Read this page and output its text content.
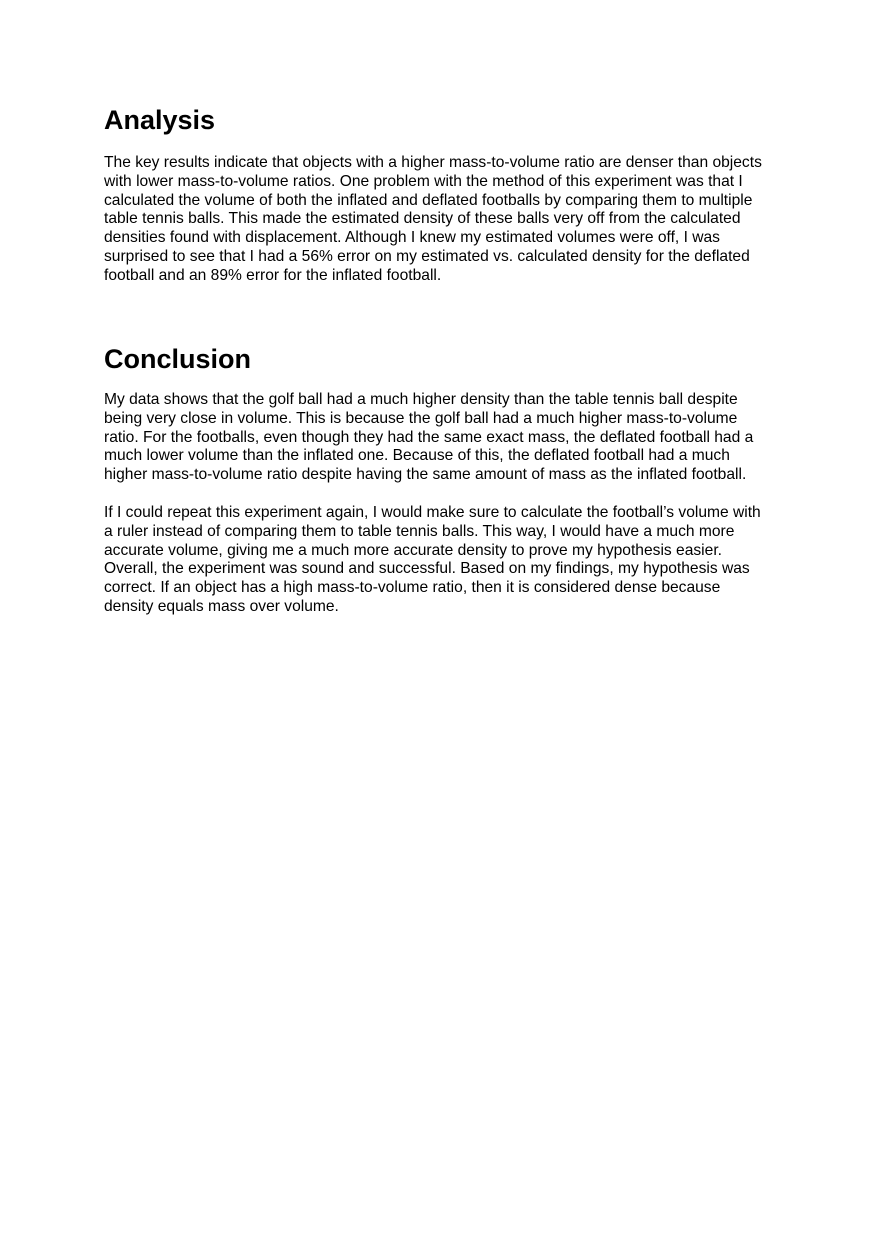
Analysis

The key results indicate that objects with a higher mass-to-volume ratio are denser than objects
with lower mass-to-volume ratios. One problem with the method of this experiment was that I
calculated the volume of both the inflated and deflated footballs by comparing them to multiple
table tennis balls. This made the estimated density of these balls very off from the calculated
densities found with displacement. Although I knew my estimated volumes were off, I was
surprised to see that I had a 56% error on my estimated vs. calculated density for the deflated
football and an 89% error for the inflated football.

Conclusion

My data shows that the golf ball had a much higher density than the table tennis ball despite
being very close in volume. This is because the golf ball had a much higher mass-to-volume
ratio. For the footballs, even though they had the same exact mass, the deflated football had a
much lower volume than the inflated one. Because of this, the deflated football had a much
higher mass-to-volume ratio despite having the same amount of mass as the inflated football.

If I could repeat this experiment again, I would make sure to calculate the football’s volume with
a ruler instead of comparing them to table tennis balls. This way, I would have a much more
accurate volume, giving me a much more accurate density to prove my hypothesis easier.
Overall, the experiment was sound and successful. Based on my findings, my hypothesis was
correct. If an object has a high mass-to-volume ratio, then it is considered dense because
density equals mass over volume.
